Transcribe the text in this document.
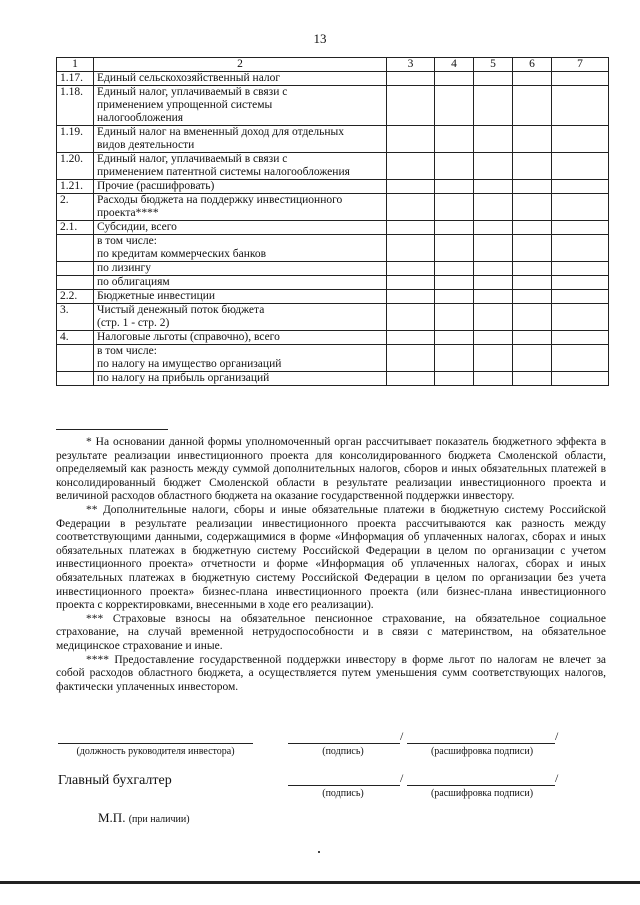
13
1	2	3	4	5	6	7
1.17.	Единый сельскохозяйственный налог					

1.18.	Единый налог, уплачиваемый в связи с
применением упрощенной системы
налогообложения					

1.19.	Единый налог на вмененный доход для отдельных
видов деятельности					

1.20.	Единый налог, уплачиваемый в связи с
применением патентной системы налогообложения					

1.21.	Прочие (расшифровать)					

2.	Расходы бюджета на поддержку инвестиционного
проекта****					

2.1.	Субсидии, всего					

	в том числе:
по кредитам коммерческих банков					

	по лизингу					

	по облигациям					

2.2.	Бюджетные инвестиции					

3.	Чистый денежный поток бюджета
(стр. 1 - стр. 2)					

4.	Налоговые льготы (справочно), всего					

	в том числе:
по налогу на имущество организаций					

	по налогу на прибыль организаций					

* На основании данной формы уполномоченный орган рассчитывает показатель бюджетного эффекта в результате реализации инвестиционного проекта для консолидированного бюджета Смоленской области, определяемый как разность между суммой дополнительных налогов, сборов и иных обязательных платежей в консолидированный бюджет Смоленской области в результате реализации инвестиционного проекта и величиной расходов областного бюджета на оказание государственной поддержки инвестору.

** Дополнительные налоги, сборы и иные обязательные платежи в бюджетную систему Российской Федерации в результате реализации инвестиционного проекта рассчитываются как разность между соответствующими данными, содержащимися в форме «Информация об уплаченных налогах, сборах и иных обязательных платежах в бюджетную систему Российской Федерации в целом по организации с учетом инвестиционного проекта» отчетности и форме «Информация об уплаченных налогах, сборах и иных обязательных платежах в бюджетную систему Российской Федерации в целом по организации без учета инвестиционного проекта» бизнес-плана инвестиционного проекта (или бизнес-плана инвестиционного проекта с корректировками, внесенными в ходе его реализации).

*** Страховые взносы на обязательное пенсионное страхование, на обязательное социальное страхование, на случай временной нетрудоспособности и в связи с материнством, на обязательное медицинское страхование и иные.

**** Предоставление государственной поддержки инвестору в форме льгот по налогам не влечет за собой расходов областного бюджета, а осуществляется путем уменьшения сумм соответствующих налогов, фактически уплаченных инвестором.

(должность руководителя инвестора)
/	/
(подпись)	(расшифровка подписи)
Главный бухгалтер	/	/
(подпись)	(расшифровка подписи)
М.П. (при наличии)
